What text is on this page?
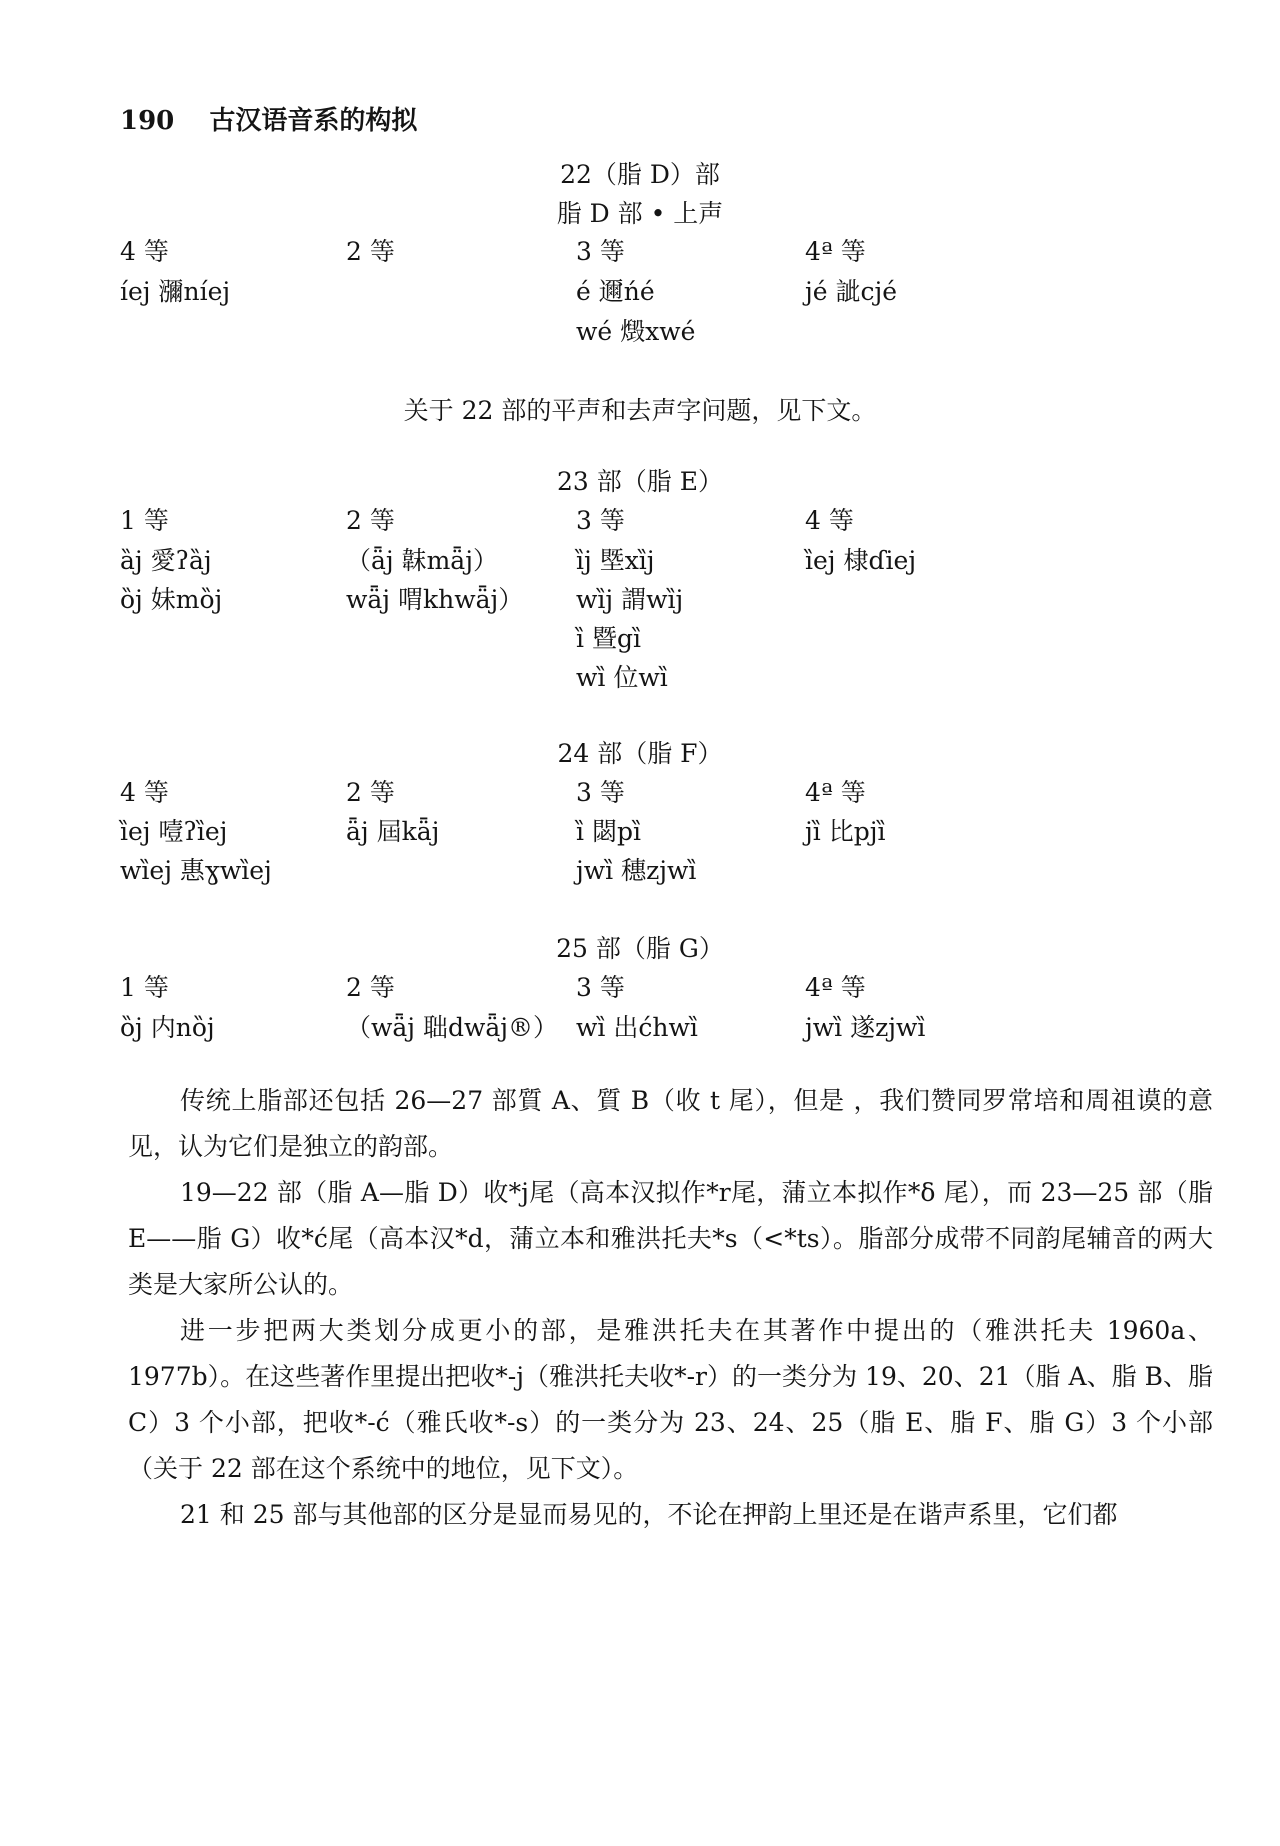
190 古汉语音系的构拟
22（脂 D）部
脂 D 部 • 上声
4 等
íej 瀰níej
2 等	3 等
é 邇ńé
wé 燬xwé
4ª 等
jé 訿cjé
关于 22 部的平声和去声字问题，见下文。
23 部（脂 E）
1 等
ȁj 愛ʔȁj
ȍj 妹mȍj
2 等
（ǟj 韎mǟj）
wǟj 喟khwǟj）
3 等
ȉj 塈xȉj
wȉj 謂wȉj
ȉ 暨gȉ
wȉ 位wȉ
4 等
ȉej 棣ɗiej
24 部（脂 F）
4 等
ȉej 噎ʔȉej
wȉej 惠ɣwȉej
2 等
ǟj 屆kǟj
3 等
ȉ 閟pȉ
jwȉ 穗zjwȉ
4ª 等
jȉ 比pjȉ
25 部（脂 G）
1 等
ȍj 内nȍj
2 等
（wǟj 聉dwǟj®）
3 等
wȉ 出ćhwȉ
4ª 等
jwȉ 遂zjwȉ

传统上脂部还包括 26—27 部質 A、質 B（收 t 尾），但是 ，我们赞同罗常培和周祖谟的意见，认为它们是独立的韵部。

19—22 部（脂 A—脂 D）收*j尾（高本汉拟作*r尾，蒲立本拟作*δ 尾），而 23—25 部（脂 E——脂 G）收*ć尾（高本汉*d，蒲立本和雅洪托夫*s（<*ts）。脂部分成带不同韵尾辅音的两大类是大家所公认的。

进一步把两大类划分成更小的部，是雅洪托夫在其著作中提出的（雅洪托夫 1960a、1977b）。在这些著作里提出把收*-j（雅洪托夫收*-r）的一类分为 19、20、21（脂 A、脂 B、脂 C）3 个小部，把收*-ć（雅氏收*-s）的一类分为 23、24、25（脂 E、脂 F、脂 G）3 个小部（关于 22 部在这个系统中的地位，见下文）。

21 和 25 部与其他部的区分是显而易见的，不论在押韵上里还是在谐声系里，它们都
